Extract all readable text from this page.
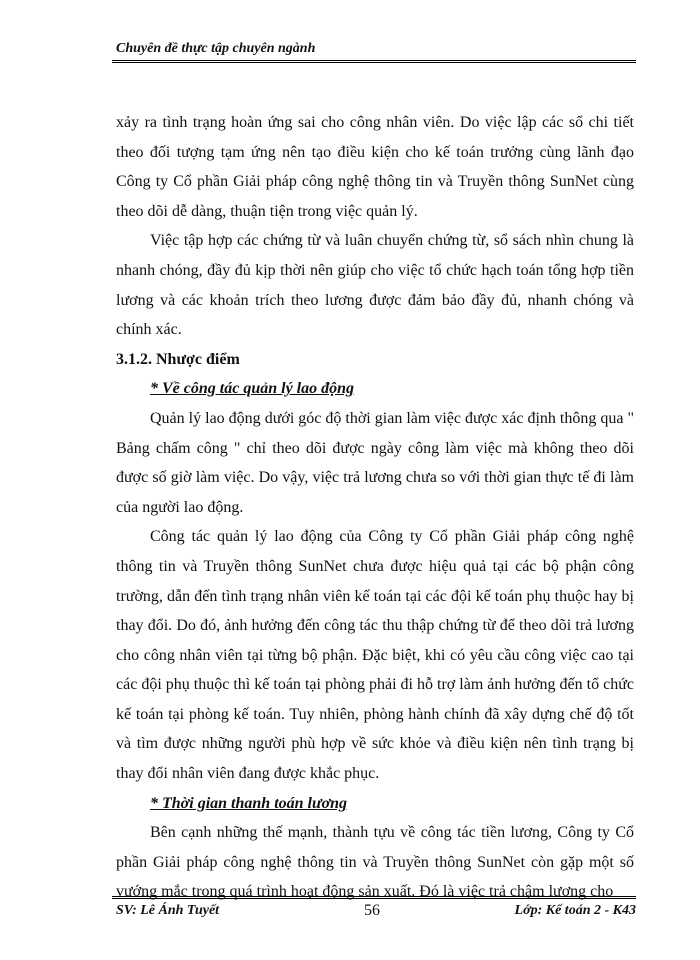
Chuyên đề thực tập chuyên ngành

xảy ra tình trạng hoàn ứng sai cho công nhân viên. Do việc lập các sổ chi tiết theo đối tượng tạm ứng nên tạo điều kiện cho kế toán trưởng cùng lãnh đạo Công ty Cổ phần Giải pháp công nghệ thông tin và Truyền thông SunNet cùng theo dõi dễ dàng, thuận tiện trong việc quản lý.

Việc tập hợp các chứng từ và luân chuyển chứng từ, sổ sách nhìn chung là nhanh chóng, đầy đủ kịp thời nên giúp cho việc tổ chức hạch toán tổng hợp tiền lương và các khoản trích theo lương được đảm bảo đầy đủ, nhanh chóng và chính xác.

3.1.2. Nhược điểm

* Về công tác quản lý lao động

Quản lý lao động dưới góc độ thời gian làm việc được xác định thông qua " Bảng chấm công " chỉ theo dõi được ngày công làm việc mà không theo dõi được số giờ làm việc. Do vậy, việc trả lương chưa so với thời gian thực tế đi làm của người lao động.

Công tác quản lý lao động của Công ty Cổ phần Giải pháp công nghệ thông tin và Truyền thông SunNet chưa được hiệu quả tại các bộ phận công trường, dẫn đến tình trạng nhân viên kế toán tại các đội kế toán phụ thuộc hay bị thay đổi. Do đó, ảnh hưởng đến công tác thu thập chứng từ để theo dõi trả lương cho công nhân viên tại từng bộ phận. Đặc biệt, khi có yêu cầu công việc cao tại các đội phụ thuộc thì kế toán tại phòng phải đi hỗ trợ làm ảnh hưởng đến tổ chức kế toán tại phòng kế toán. Tuy nhiên, phòng hành chính đã xây dựng chế độ tốt và tìm được những người phù hợp về sức khỏe và điều kiện nên tình trạng bị thay đổi nhân viên đang được khắc phục.

* Thời gian thanh toán lương

Bên cạnh những thế mạnh, thành tựu về công tác tiền lương, Công ty Cổ phần Giải pháp công nghệ thông tin và Truyền thông SunNet còn gặp một số vướng mắc trong quá trình hoạt động sản xuất. Đó là việc trả chậm lương cho

SV: Lê Ánh Tuyết	56	Lớp: Kế toán 2 - K43
